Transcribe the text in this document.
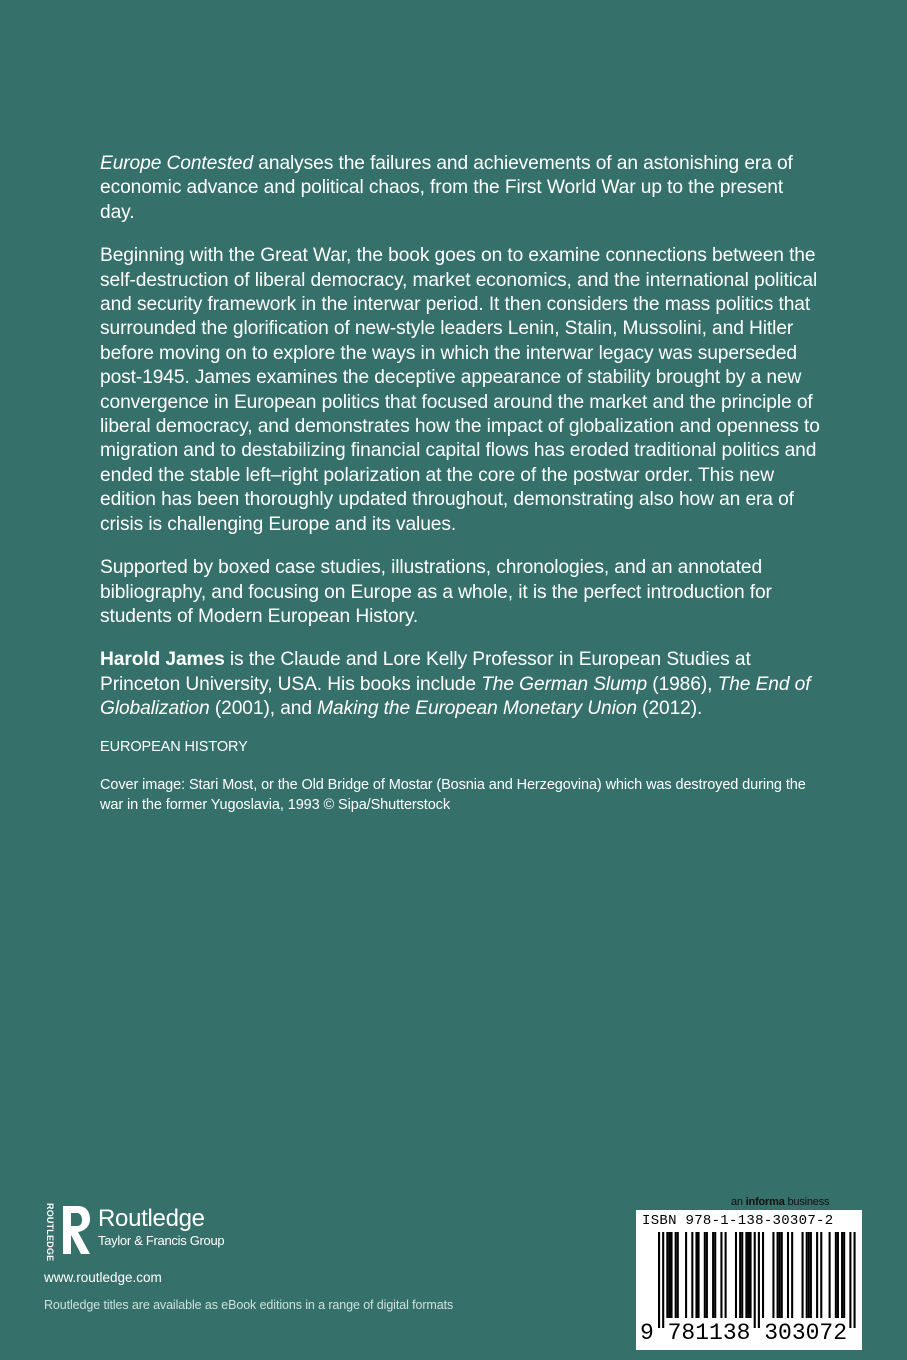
Europe Contested analyses the failures and achievements of an astonishing era of economic advance and political chaos, from the First World War up to the present day.

Beginning with the Great War, the book goes on to examine connections between the self-destruction of liberal democracy, market economics, and the international political and security framework in the interwar period. It then considers the mass politics that surrounded the glorification of new-style leaders Lenin, Stalin, Mussolini, and Hitler before moving on to explore the ways in which the interwar legacy was superseded post-1945. James examines the deceptive appearance of stability brought by a new convergence in European politics that focused around the market and the principle of liberal democracy, and demonstrates how the impact of globalization and openness to migration and to destabilizing financial capital flows has eroded traditional politics and ended the stable left–right polarization at the core of the postwar order. This new edition has been thoroughly updated throughout, demonstrating also how an era of crisis is challenging Europe and its values.

Supported by boxed case studies, illustrations, chronologies, and an annotated bibliography, and focusing on Europe as a whole, it is the perfect introduction for students of Modern European History.

Harold James is the Claude and Lore Kelly Professor in European Studies at Princeton University, USA. His books include The German Slump (1986), The End of Globalization (2001), and Making the European Monetary Union (2012).

EUROPEAN HISTORY

Cover image: Stari Most, or the Old Bridge of Mostar (Bosnia and Herzegovina) which was destroyed during the war in the former Yugoslavia, 1993 © Sipa/Shutterstock

ROUTLEDGE Routledge
Taylor & Francis Group
www.routledge.com
Routledge titles are available as eBook editions in a range of digital formats
an informa business
ISBN 978-1-138-30307-2
9 781138 303072
